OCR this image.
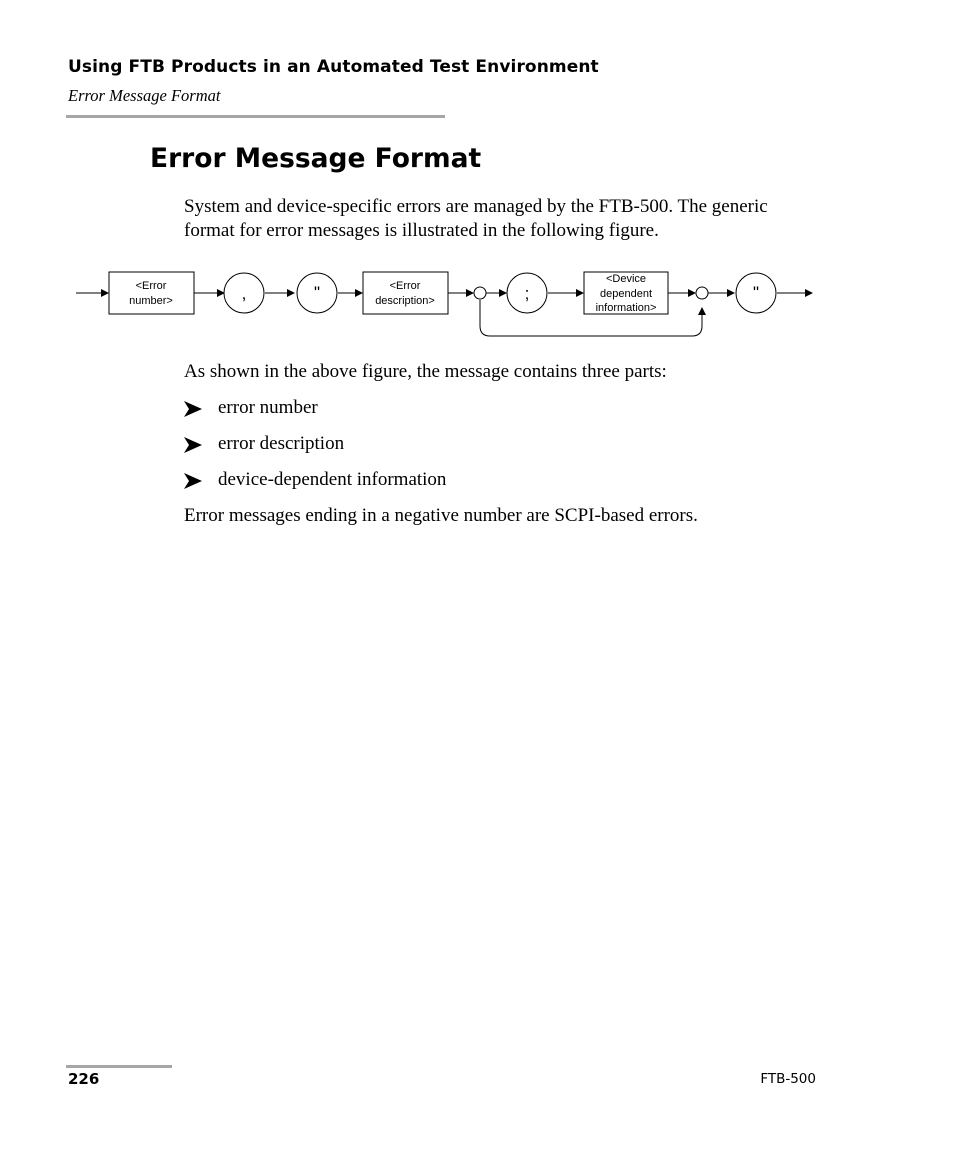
Using FTB Products in an Automated Test Environment
Error Message Format
Error Message Format

System and device-specific errors are managed by the FTB-500. The generic format for error messages is illustrated in the following figure.

<Error
number>
<Error
description>
<Device
dependent
information>
,	"	;	"

As shown in the above figure, the message contains three parts:

error number
error description
device-dependent information

Error messages ending in a negative number are SCPI-based errors.

226	FTB-500
